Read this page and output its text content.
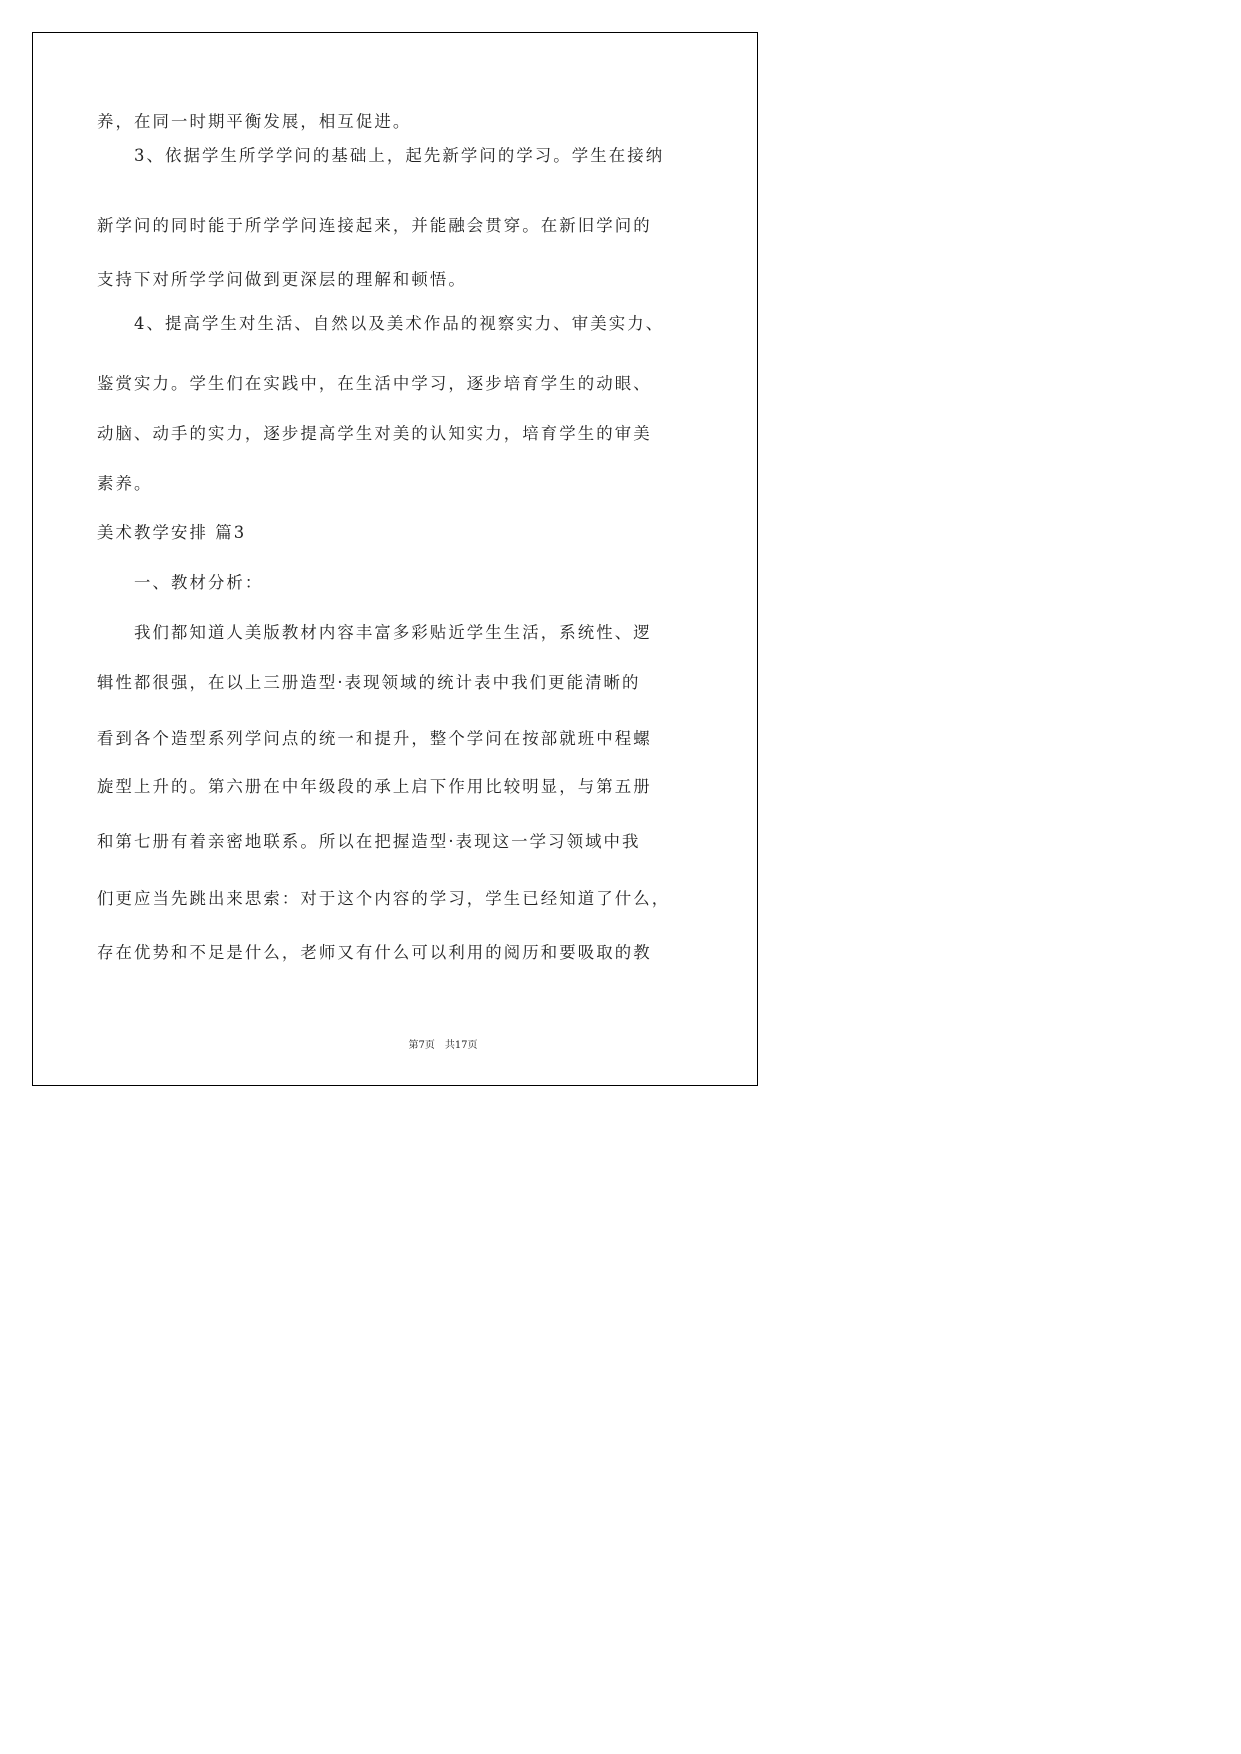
养，在同一时期平衡发展，相互促进。

　　3、依据学生所学学问的基础上，起先新学问的学习。学生在接纳

新学问的同时能于所学学问连接起来，并能融会贯穿。在新旧学问的

支持下对所学学问做到更深层的理解和顿悟。

　　4、提高学生对生活、自然以及美术作品的视察实力、审美实力、

鉴赏实力。学生们在实践中，在生活中学习，逐步培育学生的动眼、

动脑、动手的实力，逐步提高学生对美的认知实力，培育学生的审美

素养。

美术教学安排 篇3

　　一、教材分析：

　　我们都知道人美版教材内容丰富多彩贴近学生生活，系统性、逻

辑性都很强，在以上三册造型·表现领域的统计表中我们更能清晰的

看到各个造型系列学问点的统一和提升，整个学问在按部就班中程螺

旋型上升的。第六册在中年级段的承上启下作用比较明显，与第五册

和第七册有着亲密地联系。所以在把握造型·表现这一学习领域中我

们更应当先跳出来思索：对于这个内容的学习，学生已经知道了什么，

存在优势和不足是什么，老师又有什么可以利用的阅历和要吸取的教

第7页　共17页
